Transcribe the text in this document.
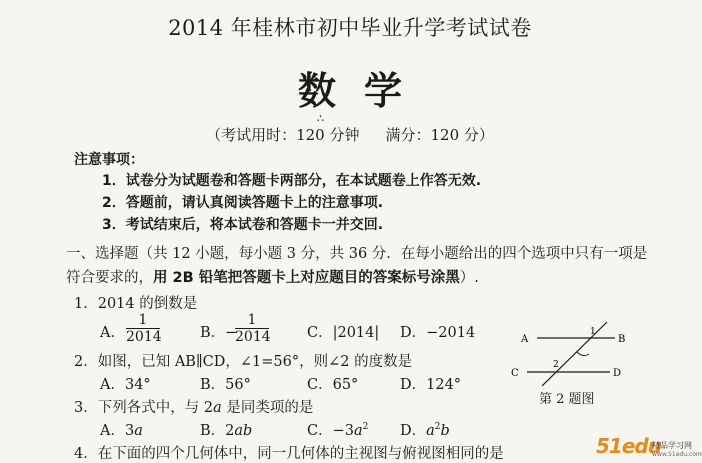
2014 年桂林市初中毕业升学考试试卷
数学
∴
（考试用时：120 分钟 满分：120 分）
注意事项：
1．试卷分为试题卷和答题卡两部分，在本试题卷上作答无效.
2．答题前，请认真阅读答题卡上的注意事项.
3．考试结束后，将本试卷和答题卡一并交回.
一、选择题（共 12 小题，每小题 3 分，共 36 分．在每小题给出的四个选项中只有一项是
符合要求的，用 2B 铅笔把答题卡上对应题目的答案标号涂黑）.
1．2014 的倒数是
A． $\frac{1}{2014}$	B．−
$\frac{1}{2014}$	C．|2014| D．−2014
2．如图，已知 AB∥CD，∠1=56°，则∠2 的度数是
A．34°	B．56°	C．65°	D．124°
3．下列各式中，与 2a 是同类项的是
A．3a	B．2ab	C．$-3a^2$ D．$a^2b$
4．在下面的四个几何体中，同一几何体的主视图与俯视图相同的是
A	B
C	D
1
2
第 2 题图
51edu
精品学习网
www.51edu.com
